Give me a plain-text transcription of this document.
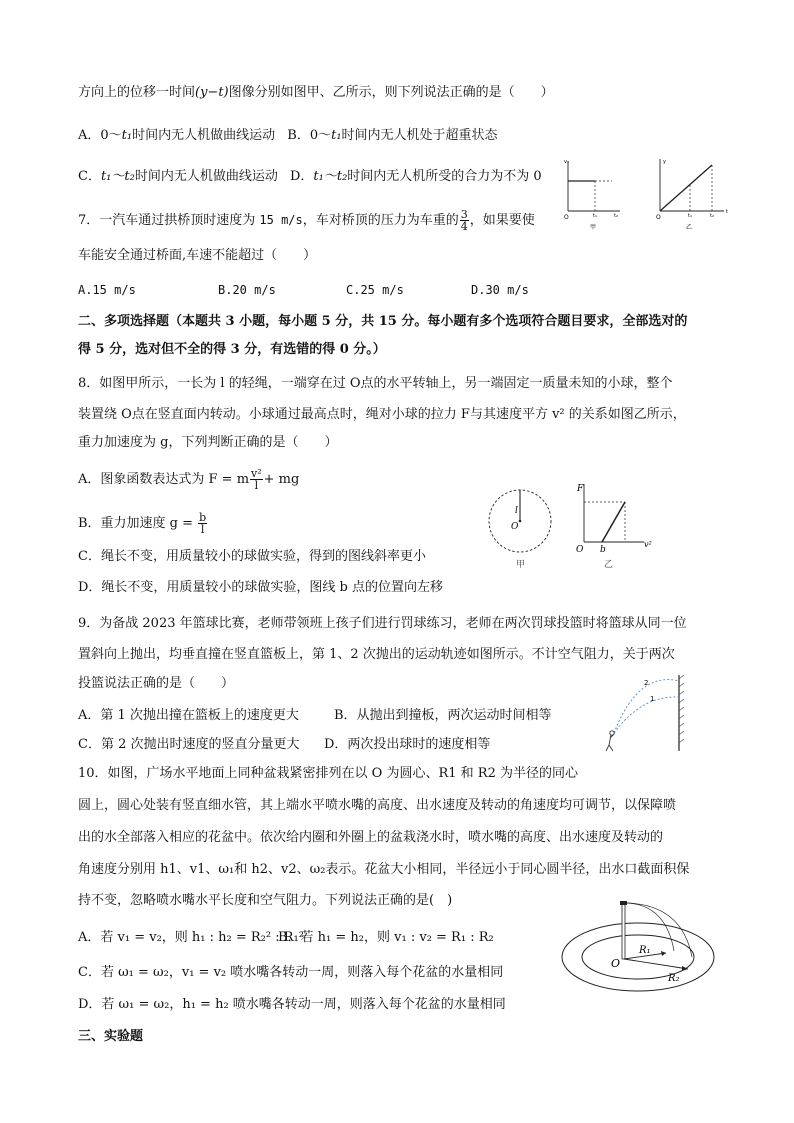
方向上的位移一时间(y−t)图像分别如图甲、乙所示，则下列说法正确的是（　　）
A．0～t₁时间内无人机做曲线运动 B．0～t₁时间内无人机处于超重状态
C．t₁～t₂时间内无人机做曲线运动 D．t₁～t₂时间内无人机所受的合力为不为 0
O	t₁	t₂
vₓ
甲
O	t₁	t₂
y
t
乙
7．一汽车通过拱桥顶时速度为 15 m/s，车对桥顶的压力为车重的 $\frac{3}{4}$ ，如果要使
车能安全通过桥面,车速不能超过（　　）
A.15 m/s	B.20 m/s	C.25 m/s	D.30 m/s
二、多项选择题（本题共 3 小题，每小题 5 分，共 15 分。每小题有多个选项符合题目要求，全部选对的
得 5 分，选对但不全的得 3 分，有选错的得 0 分。）
8．如图甲所示，一长为 l 的轻绳，一端穿在过 O点的水平转轴上，另一端固定一质量未知的小球，整个
装置绕 O点在竖直面内转动。小球通过最高点时，绳对小球的拉力 F与其速度平方 v² 的关系如图乙所示，
重力加速度为 g，下列判断正确的是（　　）
A．图象函数表达式为 F = m $\frac{\text{v²}}{l}$ + mg
B．重力加速度 $g = \frac{b}{l}$
C．绳长不变，用质量较小的球做实验，得到的图线斜率更小
D．绳长不变，用质量较小的球做实验，图线 b 点的位置向左移
l
O
甲
F
O b
v²
乙
9．为备战 2023 年篮球比赛，老师带领班上孩子们进行罚球练习，老师在两次罚球投篮时将篮球从同一位
置斜向上抛出，均垂直撞在竖直篮板上，第 1、2 次抛出的运动轨迹如图所示。不计空气阻力，关于两次
投篮说法正确的是（　　）
A．第 1 次抛出撞在篮板上的速度更大	B．从抛出到撞板，两次运动时间相等
C．第 2 次抛出时速度的竖直分量更大 D．两次投出球时的速度相等
2
1
10．如图，广场水平地面上同种盆栽紧密排列在以 O 为圆心、R1 和 R2 为半径的同心
圆上，圆心处装有竖直细水管，其上端水平喷水嘴的高度、出水速度及转动的角速度均可调节，以保障喷
出的水全部落入相应的花盆中。依次给内圈和外圈上的盆栽浇水时，喷水嘴的高度、出水速度及转动的
角速度分别用 h1、v1、ω₁和 h2、v2、ω₂表示。花盆大小相同，半径远小于同心圆半径，出水口截面积保
持不变，忽略喷水嘴水平长度和空气阻力。下列说法正确的是(　)
A．若 v₁ = v₂，则 h₁ : h₂ = R₂² : R₁²
B．若 h₁ = h₂，则 v₁ : v₂ = R₁ : R₂
C．若 ω₁ = ω₂，v₁ = v₂ 喷水嘴各转动一周，则落入每个花盆的水量相同
D．若 ω₁ = ω₂，h₁ = h₂ 喷水嘴各转动一周，则落入每个花盆的水量相同
O
R₁
R₂
三、实验题
